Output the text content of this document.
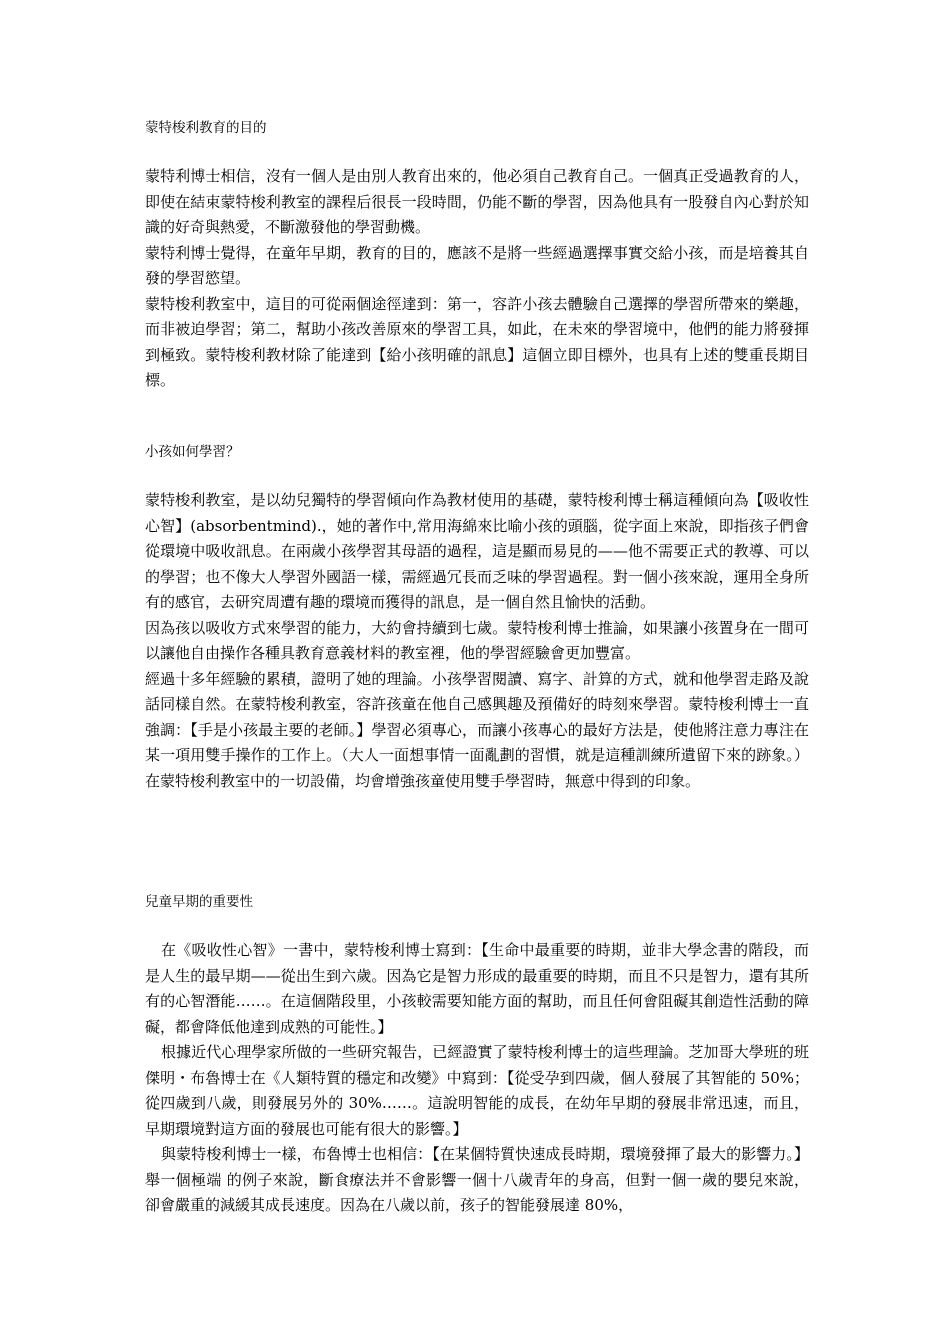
蒙特梭利教育的目的

蒙特利博士相信，沒有一個人是由別人教育出來的，他必須自己教育自己。一個真正受過教育的人，即使在結束蒙特梭利教室的課程后很長一段時間，仍能不斷的學習，因為他具有一股發自內心對於知識的好奇與熱愛，不斷激發他的學習動機。

蒙特利博士覺得，在童年早期，教育的目的，應該不是將一些經過選擇事實交給小孩，而是培養其自發的學習慾望。

蒙特梭利教室中，這目的可從兩個途徑達到：第一，容許小孩去體驗自己選擇的學習所帶來的樂趣，而非被迫學習；第二，幫助小孩改善原來的學習工具，如此，在未來的學習境中，他們的能力將發揮到極致。蒙特梭利教材除了能達到【給小孩明確的訊息】這個立即目標外，也具有上述的雙重長期目標。

小孩如何學習？

蒙特梭利教室，是以幼兒獨特的學習傾向作為教材使用的基礎，蒙特梭利博士稱這種傾向為【吸收性心智】(absorbentmind).，她的著作中,常用海綿來比喻小孩的頭腦，從字面上來說，即指孩子們會從環境中吸收訊息。在兩歲小孩學習其母語的過程，這是顯而易見的——他不需要正式的教導、可以的學習；也不像大人學習外國語一樣，需經過冗長而乏味的學習過程。對一個小孩來說，運用全身所有的感官，去研究周遭有趣的環境而獲得的訊息，是一個自然且愉快的活動。

因為孩以吸收方式來學習的能力，大約會持續到七歲。蒙特梭利博士推論，如果讓小孩置身在一間可以讓他自由操作各種具教育意義材料的教室裡，他的學習經驗會更加豐富。

經過十多年經驗的累積，證明了她的理論。小孩學習閱讀、寫字、計算的方式，就和他學習走路及說話同樣自然。在蒙特梭利教室，容許孩童在他自己感興趣及預備好的時刻來學習。蒙特梭利博士一直強調：【手是小孩最主要的老師。】學習必須專心，而讓小孩專心的最好方法是，使他將注意力專注在某一項用雙手操作的工作上。（大人一面想事情一面亂劃的習慣，就是這種訓練所遺留下來的跡象。）在蒙特梭利教室中的一切設備，均會增強孩童使用雙手學習時，無意中得到的印象。

兒童早期的重要性

在《吸收性心智》一書中，蒙特梭利博士寫到：【生命中最重要的時期，並非大學念書的階段，而是人生的最早期——從出生到六歲。因為它是智力形成的最重要的時期，而且不只是智力，還有其所有的心智潛能……。在這個階段里，小孩較需要知能方面的幫助，而且任何會阻礙其創造性活動的障礙，都會降低他達到成熟的可能性。】

根據近代心理學家所做的一些研究報告，已經證實了蒙特梭利博士的這些理論。芝加哥大學班的班傑明・布魯博士在《人類特質的穩定和改變》中寫到：【從受孕到四歲，個人發展了其智能的 50%；從四歲到八歲，則發展另外的 30%……。這說明智能的成長，在幼年早期的發展非常迅速，而且，早期環境對這方面的發展也可能有很大的影響。】

與蒙特梭利博士一樣，布魯博士也相信：【在某個特質快速成長時期，環境發揮了最大的影響力。】舉一個極端 的例子來說，斷食療法并不會影響一個十八歲青年的身高，但對一個一歲的嬰兒來說，卻會嚴重的減緩其成長速度。因為在八歲以前，孩子的智能發展達 80%，
